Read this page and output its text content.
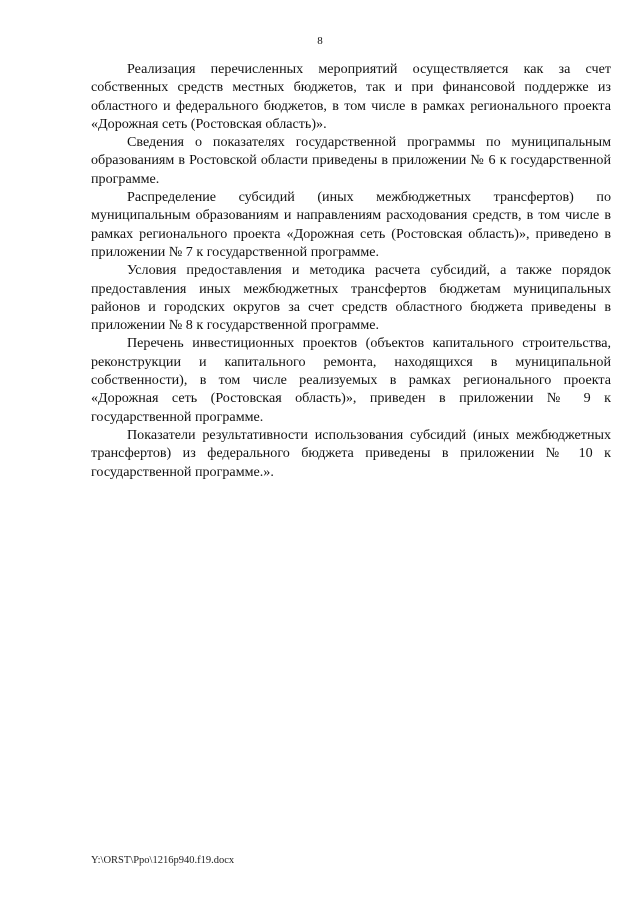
8

Реализация перечисленных мероприятий осуществляется как за счет собственных средств местных бюджетов, так и при финансовой поддержке из областного и федерального бюджетов, в том числе в рамках регионального проекта «Дорожная сеть (Ростовская область)».

Сведения о показателях государственной программы по муниципальным образованиям в Ростовской области приведены в приложении № 6 к государственной программе.

Распределение субсидий (иных межбюджетных трансфертов) по муниципальным образованиям и направлениям расходования средств, в том числе в рамках регионального проекта «Дорожная сеть (Ростовская область)», приведено в приложении № 7 к государственной программе.

Условия предоставления и методика расчета субсидий, а также порядок предоставления иных межбюджетных трансфертов бюджетам муниципальных районов и городских округов за счет средств областного бюджета приведены в приложении № 8 к государственной программе.

Перечень инвестиционных проектов (объектов капитального строительства, реконструкции и капитального ремонта, находящихся в муниципальной собственности), в том числе реализуемых в рамках регионального проекта «Дорожная сеть (Ростовская область)», приведен в приложении № 9 к государственной программе.

Показатели результативности использования субсидий (иных межбюджетных трансфертов) из федерального бюджета приведены в приложении № 10 к государственной программе.».

Y:\ORST\Ppo\1216p940.f19.docx
